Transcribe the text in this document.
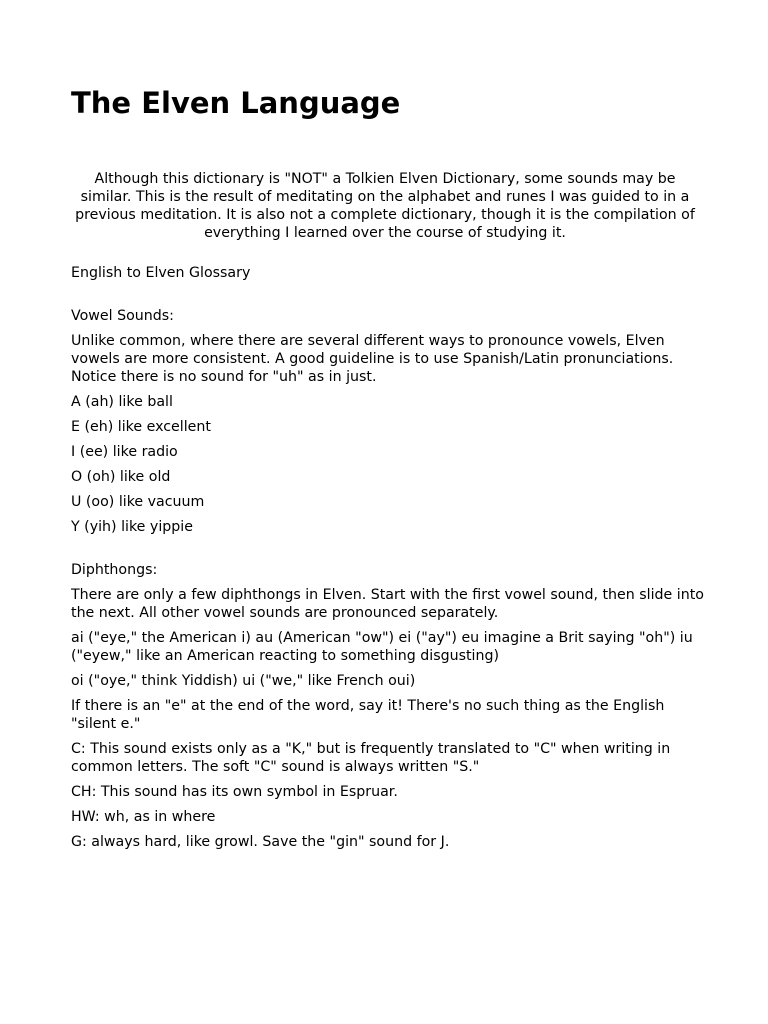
The Elven Language

Although this dictionary is "NOT" a Tolkien Elven Dictionary, some sounds may be similar. This is the result of meditating on the alphabet and runes I was guided to in a previous meditation. It is also not a complete dictionary, though it is the compilation of everything I learned over the course of studying it.

English to Elven Glossary

Vowel Sounds:

Unlike common, where there are several different ways to pronounce vowels, Elven vowels are more consistent. A good guideline is to use Spanish/Latin pronunciations. Notice there is no sound for "uh" as in just.

A (ah) like ball

E (eh) like excellent

I (ee) like radio

O (oh) like old

U (oo) like vacuum

Y (yih) like yippie

Diphthongs:

There are only a few diphthongs in Elven. Start with the first vowel sound, then slide into the next. All other vowel sounds are pronounced separately.

ai ("eye," the American i) au (American "ow") ei ("ay") eu imagine a Brit saying "oh") iu ("eyew," like an American reacting to something disgusting)

oi ("oye," think Yiddish) ui ("we," like French oui)

If there is an "e" at the end of the word, say it! There's no such thing as the English "silent e."

C: This sound exists only as a "K," but is frequently translated to "C" when writing in common letters. The soft "C" sound is always written "S."

CH: This sound has its own symbol in Espruar.

HW: wh, as in where

G: always hard, like growl. Save the "gin" sound for J.
